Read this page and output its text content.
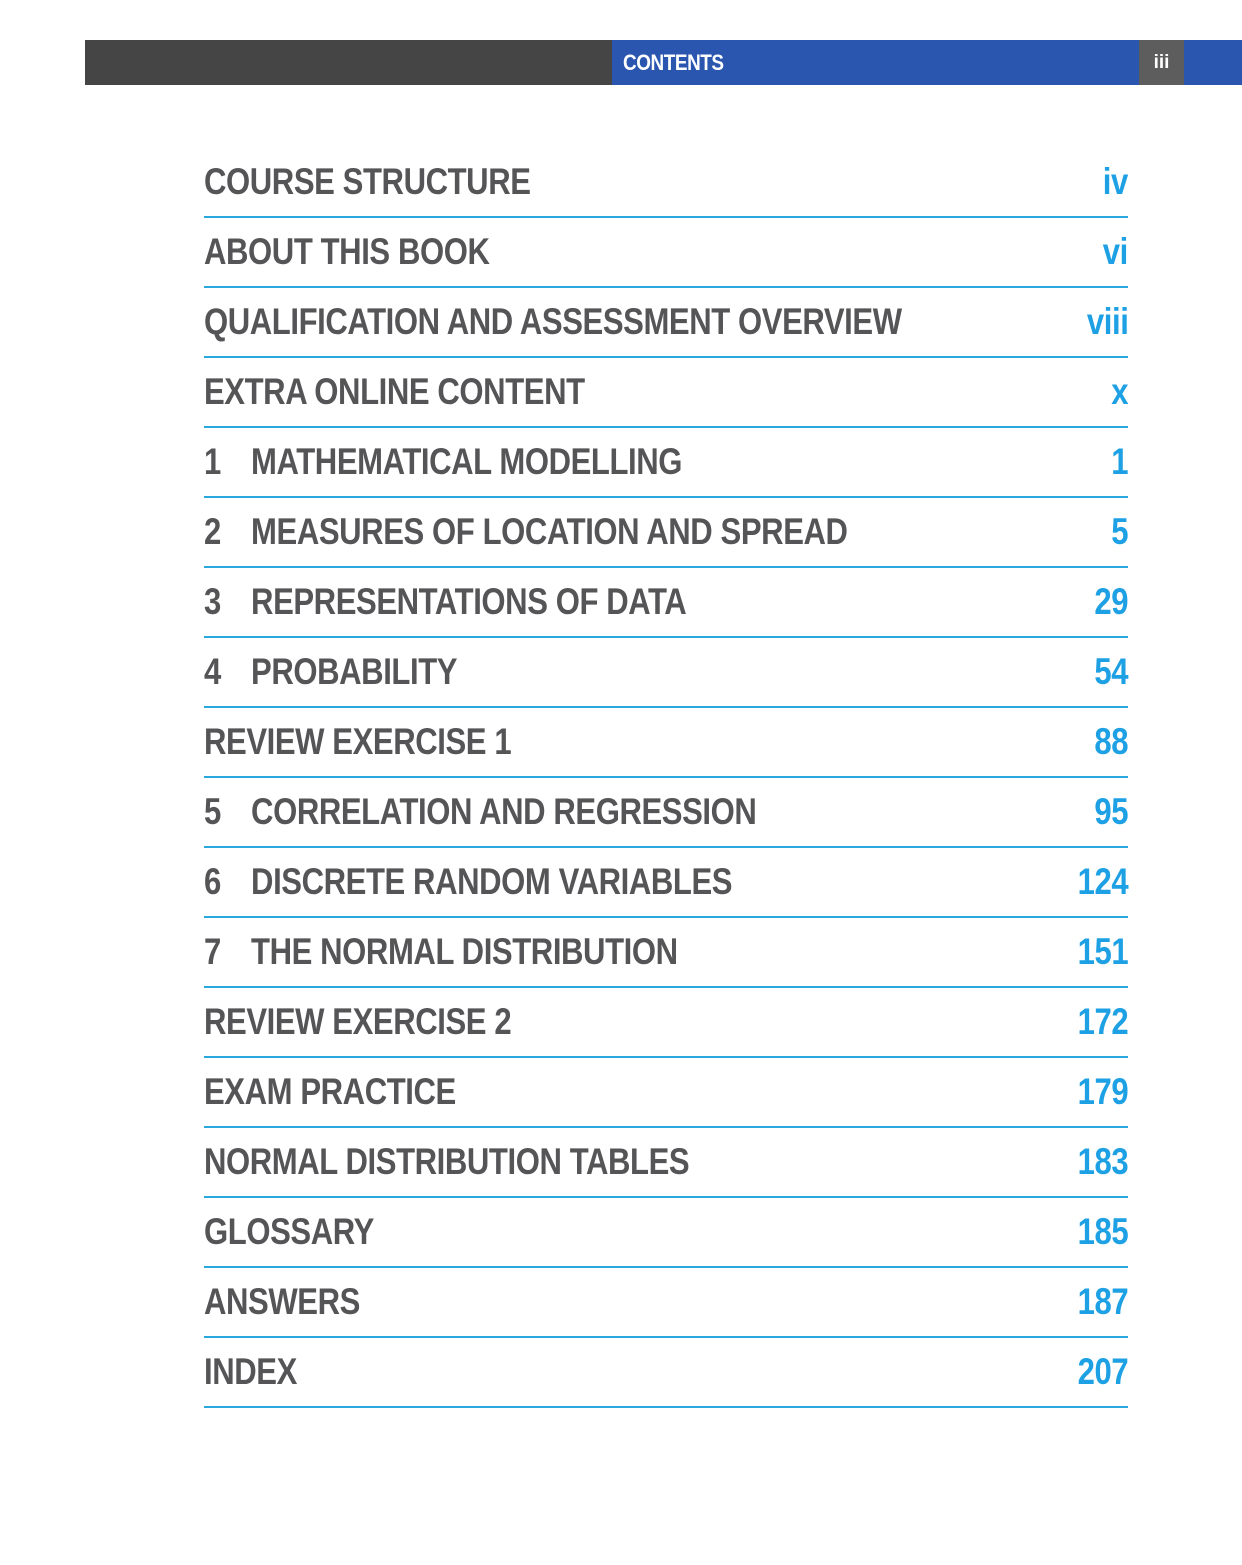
CONTENTS	iii
COURSE STRUCTURE	iv
ABOUT THIS BOOK	vi
QUALIFICATION AND ASSESSMENT OVERVIEW	viii
EXTRA ONLINE CONTENT	x
1 MATHEMATICAL MODELLING	1
2 MEASURES OF LOCATION AND SPREAD	5
3 REPRESENTATIONS OF DATA	29
4 PROBABILITY	54
REVIEW EXERCISE 1	88
5 CORRELATION AND REGRESSION	95
6 DISCRETE RANDOM VARIABLES	124
7 THE NORMAL DISTRIBUTION	151
REVIEW EXERCISE 2	172
EXAM PRACTICE	179
NORMAL DISTRIBUTION TABLES	183
GLOSSARY	185
ANSWERS	187
INDEX	207
